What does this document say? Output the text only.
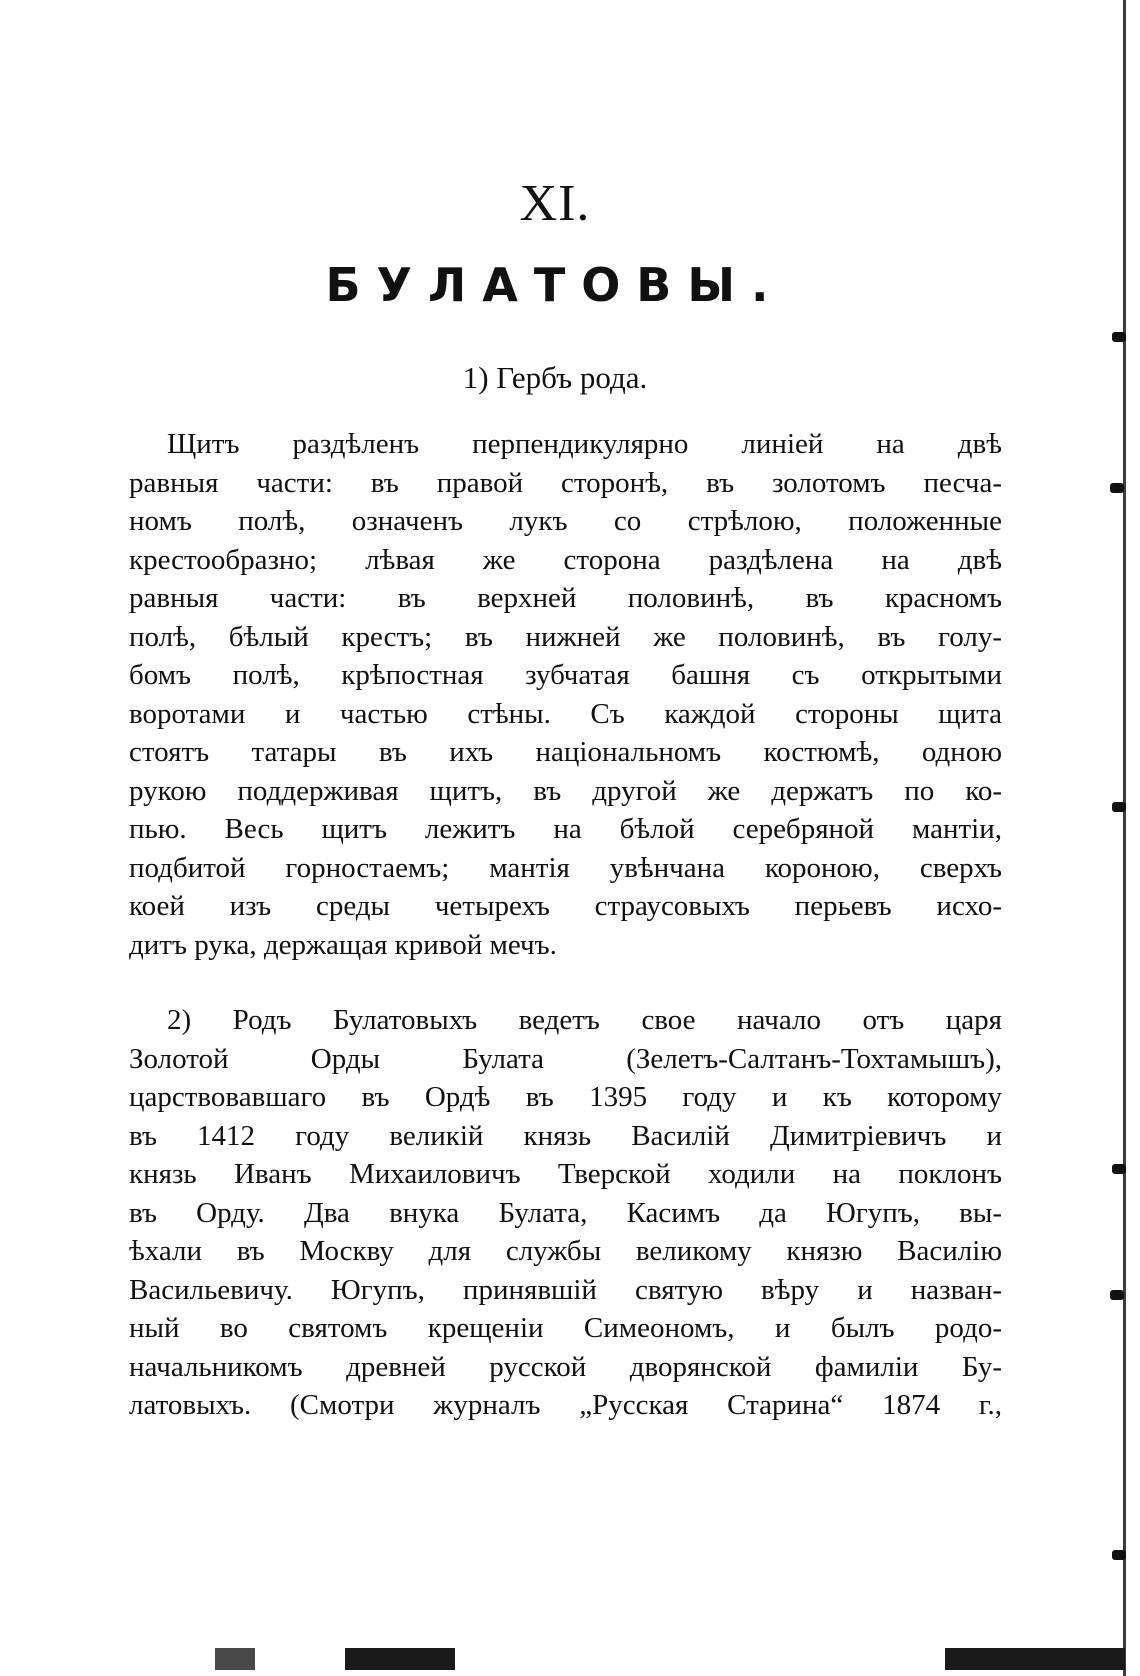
XI.
БУЛАТОВЫ.
1) Гербъ рода.
Щитъ раздѣленъ перпендикулярно линіей на двѣ
равныя части: въ правой сторонѣ, въ золотомъ песча-
номъ полѣ, означенъ лукъ со стрѣлою, положенные
крестообразно; лѣвая же сторона раздѣлена на двѣ
равныя части: въ верхней половинѣ, въ красномъ
полѣ, бѣлый крестъ; въ нижней же половинѣ, въ голу-
бомъ полѣ, крѣпостная зубчатая башня съ открытыми
воротами и частью стѣны. Съ каждой стороны щита
стоятъ татары въ ихъ національномъ костюмѣ, одною
рукою поддерживая щитъ, въ другой же держатъ по ко-
пью. Весь щитъ лежитъ на бѣлой серебряной мантіи,
подбитой горностаемъ; мантія увѣнчана короною, сверхъ
коей изъ среды четырехъ страусовыхъ перьевъ исхо-
дитъ рука, держащая кривой мечъ.
2) Родъ Булатовыхъ ведетъ свое начало отъ царя
Золотой Орды Булата (Зелетъ-Салтанъ-Тохтамышъ),
царствовавшаго въ Ордѣ въ 1395 году и къ которому
въ 1412 году великій князь Василій Димитріевичъ и
князь Иванъ Михаиловичъ Тверской ходили на поклонъ
въ Орду. Два внука Булата, Касимъ да Югупъ, вы-
ѣхали въ Москву для службы великому князю Василію
Васильевичу. Югупъ, принявшій святую вѣру и назван-
ный во святомъ крещеніи Симеономъ, и былъ родо-
начальникомъ древней русской дворянской фамиліи Бу-
латовыхъ. (Смотри журналъ „Русская Старина“ 1874 г.,
